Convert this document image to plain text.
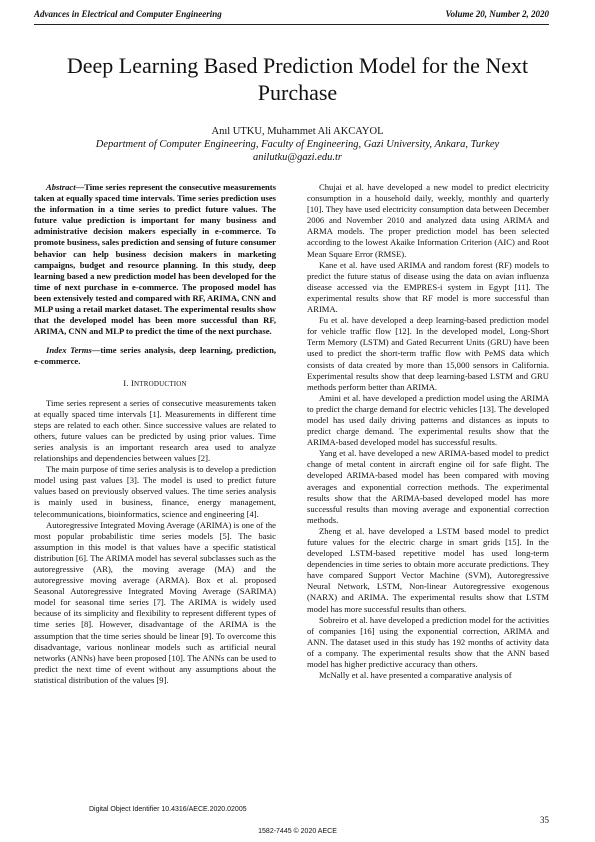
Advances in Electrical and Computer Engineering	Volume 20, Number 2, 2020
Deep Learning Based Prediction Model for the Next Purchase
Anıl UTKU, Muhammet Ali AKCAYOL
Department of Computer Engineering, Faculty of Engineering, Gazi University, Ankara, Turkey
anilutku@gazi.edu.tr

Abstract—Time series represent the consecutive measurements taken at equally spaced time intervals. Time series prediction uses the information in a time series to predict future values. The future value prediction is important for many business and administrative decision makers especially in e-commerce. To promote business, sales prediction and sensing of future consumer behavior can help business decision makers in marketing campaigns, budget and resource planning. In this study, deep learning based a new prediction model has been developed for the time of next purchase in e-commerce. The proposed model has been extensively tested and compared with RF, ARIMA, CNN and MLP using a retail market dataset. The experimental results show that the developed model has been more successful than RF, ARIMA, CNN and MLP to predict the time of the next purchase.

Index Terms—time series analysis, deep learning, prediction, e-commerce.

I. INTRODUCTION

Time series represent a series of consecutive measurements taken at equally spaced time intervals [1]. Measurements in different time steps are related to each other. Since successive values are related to others, future values can be predicted by using prior values. Time series analysis is an important research area used to analyze relationships and dependencies between values [2].

The main purpose of time series analysis is to develop a prediction model using past values [3]. The model is used to predict future values based on previously observed values. The time series analysis is mainly used in business, finance, energy management, telecommunications, bioinformatics, science and engineering [4].

Autoregressive Integrated Moving Average (ARIMA) is one of the most popular probabilistic time series models [5]. The basic assumption in this model is that values have a specific statistical distribution [6]. The ARIMA model has several subclasses such as the autoregressive (AR), the moving average (MA) and the autoregressive moving average (ARMA). Box et al. proposed Seasonal Autoregressive Integrated Moving Average (SARIMA) model for seasonal time series [7]. The ARIMA is widely used because of its simplicity and flexibility to represent different types of time series [8]. However, disadvantage of the ARIMA is the assumption that the time series should be linear [9]. To overcome this disadvantage, various nonlinear models such as artificial neural networks (ANNs) have been proposed [10]. The ANNs can be used to predict the next time of event without any assumptions about the statistical distribution of the values [9].

Chujai et al. have developed a new model to predict electricity consumption in a household daily, weekly, monthly and quarterly [10]. They have used electricity consumption data between December 2006 and November 2010 and analyzed data using ARIMA and ARMA models. The proper prediction model has been selected according to the lowest Akaike Information Criterion (AIC) and Root Mean Square Error (RMSE).

Kane et al. have used ARIMA and random forest (RF) models to predict the future status of disease using the data on avian influenza disease accessed via the EMPRES-i system in Egypt [11]. The experimental results show that RF model is more successful than ARIMA.

Fu et al. have developed a deep learning-based prediction model for vehicle traffic flow [12]. In the developed model, Long-Short Term Memory (LSTM) and Gated Recurrent Units (GRU) have been used to predict the short-term traffic flow with PeMS data which consists of data created by more than 15,000 sensors in California. Experimental results show that deep learning-based LSTM and GRU methods perform better than ARIMA.

Amini et al. have developed a prediction model using the ARIMA to predict the charge demand for electric vehicles [13]. The developed model has used daily driving patterns and distances as inputs to predict charge demand. The experimental results show that the ARIMA-based developed model has successful results.

Yang et al. have developed a new ARIMA-based model to predict change of metal content in aircraft engine oil for safe flight. The developed ARIMA-based model has been compared with moving averages and exponential correction methods. The experimental results show that the ARIMA-based developed model has more successful results than moving average and exponential correction methods.

Zheng et al. have developed a LSTM based model to predict future values for the electric charge in smart grids [15]. In the developed LSTM-based repetitive model has used long-term dependencies in time series to obtain more accurate predictions. They have compared Support Vector Machine (SVM), Autoregressive Neural Network, LSTM, Non-linear Autoregressive exogenous (NARX) and ARIMA. The experimental results show that LSTM model has more successful results than others.

Sobreiro et al. have developed a prediction model for the activities of companies [16] using the exponential correction, ARIMA and ANN. The dataset used in this study has 192 months of activity data of a company. The experimental results show that the ANN based model has higher predictive accuracy than others.

McNally et al. have presented a comparative analysis of

Digital Object Identifier 10.4316/AECE.2020.02005
35
1582-7445 © 2020 AECE
